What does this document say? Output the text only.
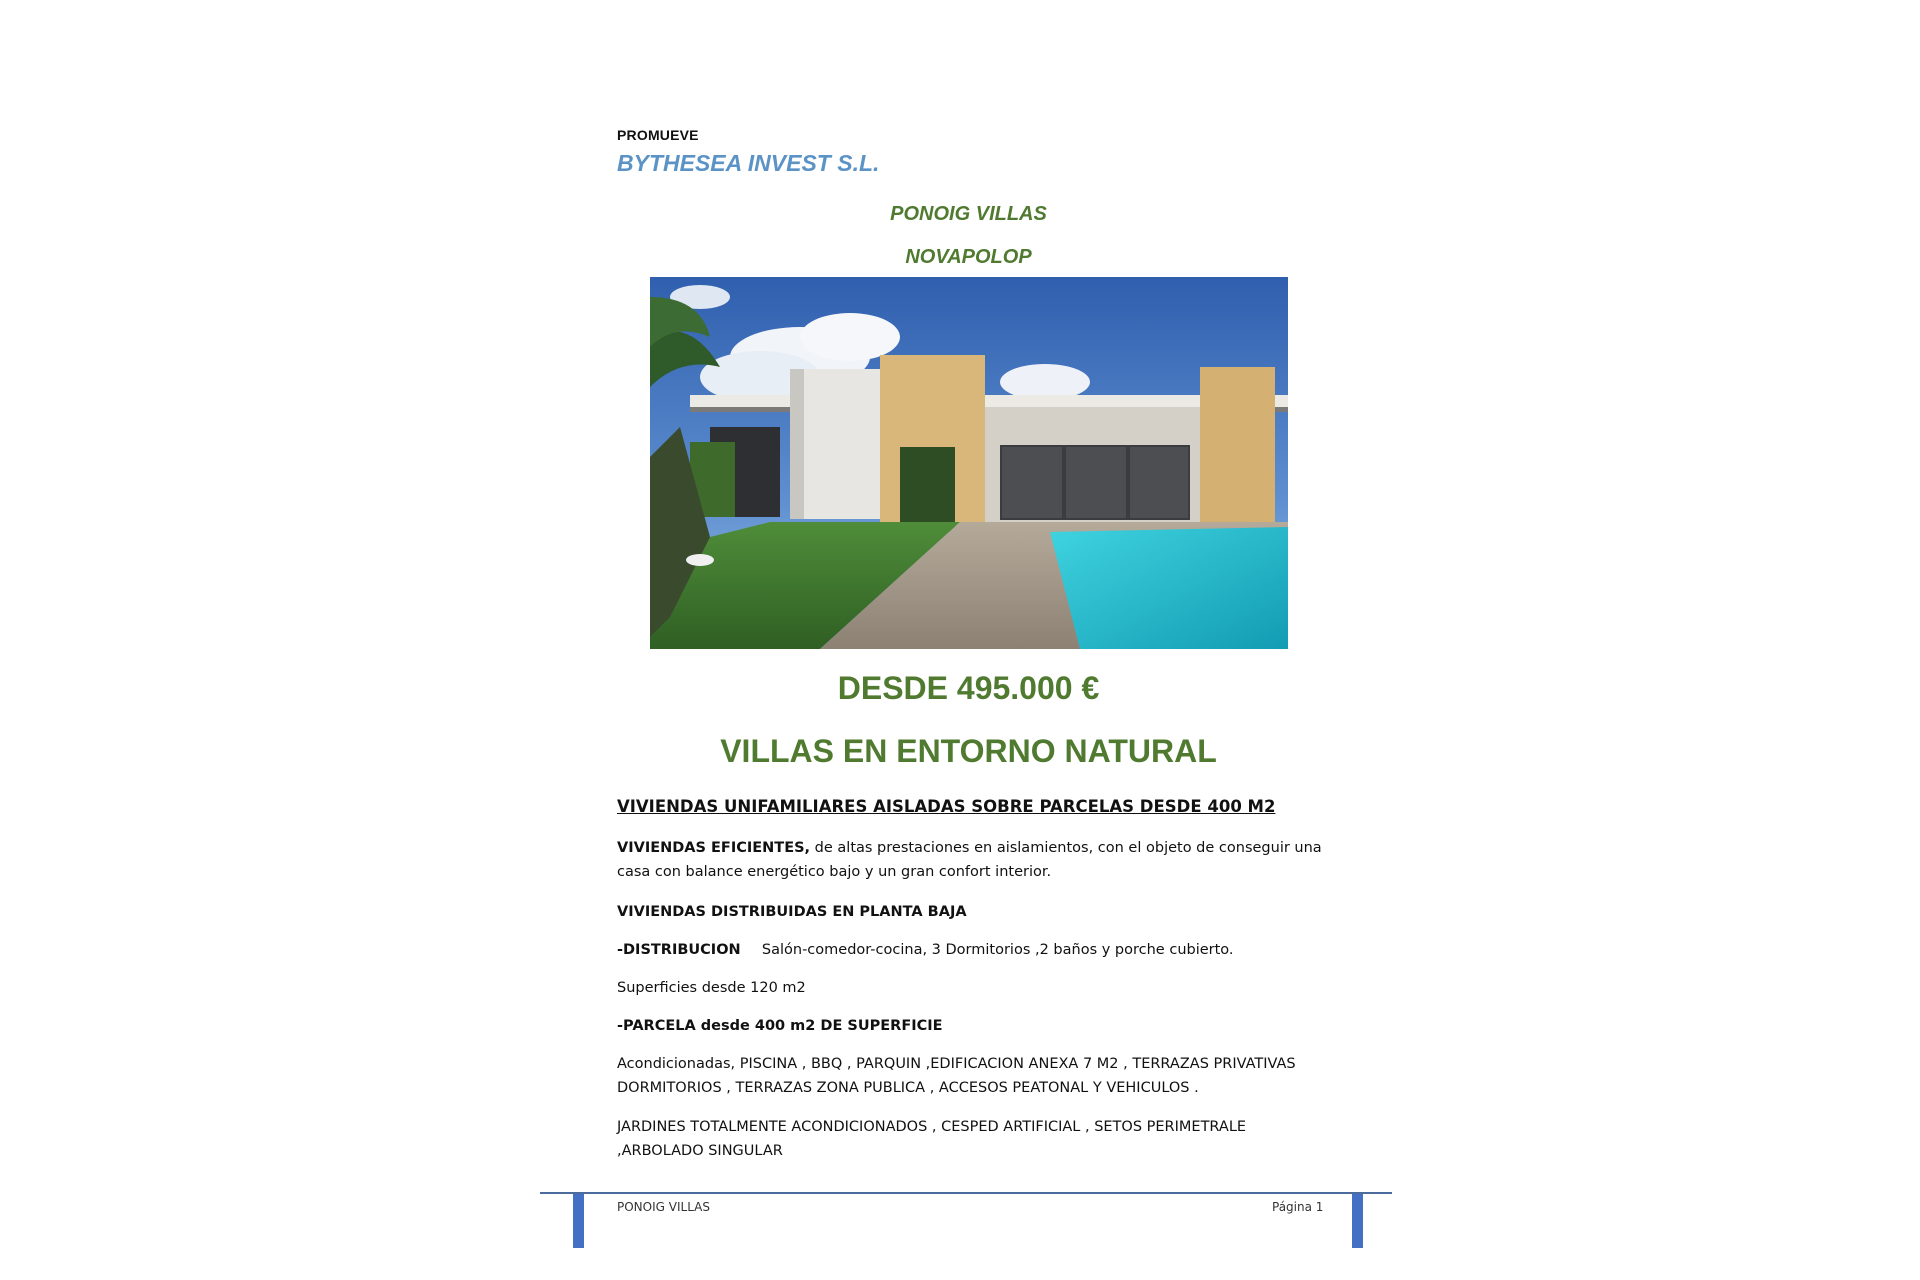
PROMUEVE
BYTHESEA INVEST S.L.
PONOIG VILLAS
NOVAPOLOP
DESDE 495.000 €
VILLAS EN ENTORNO NATURAL
VIVIENDAS UNIFAMILIARES AISLADAS SOBRE PARCELAS DESDE 400 M2
VIVIENDAS EFICIENTES, de altas prestaciones en aislamientos, con el objeto de conseguir una casa con balance energético bajo y un gran confort interior.
VIVIENDAS DISTRIBUIDAS EN PLANTA BAJA
-DISTRIBUCION Salón-comedor-cocina, 3 Dormitorios ,2 baños y porche cubierto.
Superficies desde 120 m2
-PARCELA desde 400 m2 DE SUPERFICIE
Acondicionadas, PISCINA , BBQ , PARQUIN ,EDIFICACION ANEXA 7 M2 , TERRAZAS PRIVATIVAS DORMITORIOS , TERRAZAS ZONA PUBLICA , ACCESOS PEATONAL Y VEHICULOS .
JARDINES TOTALMENTE ACONDICIONADOS , CESPED ARTIFICIAL , SETOS PERIMETRALE ,ARBOLADO SINGULAR
PONOIG VILLAS	Página 1
